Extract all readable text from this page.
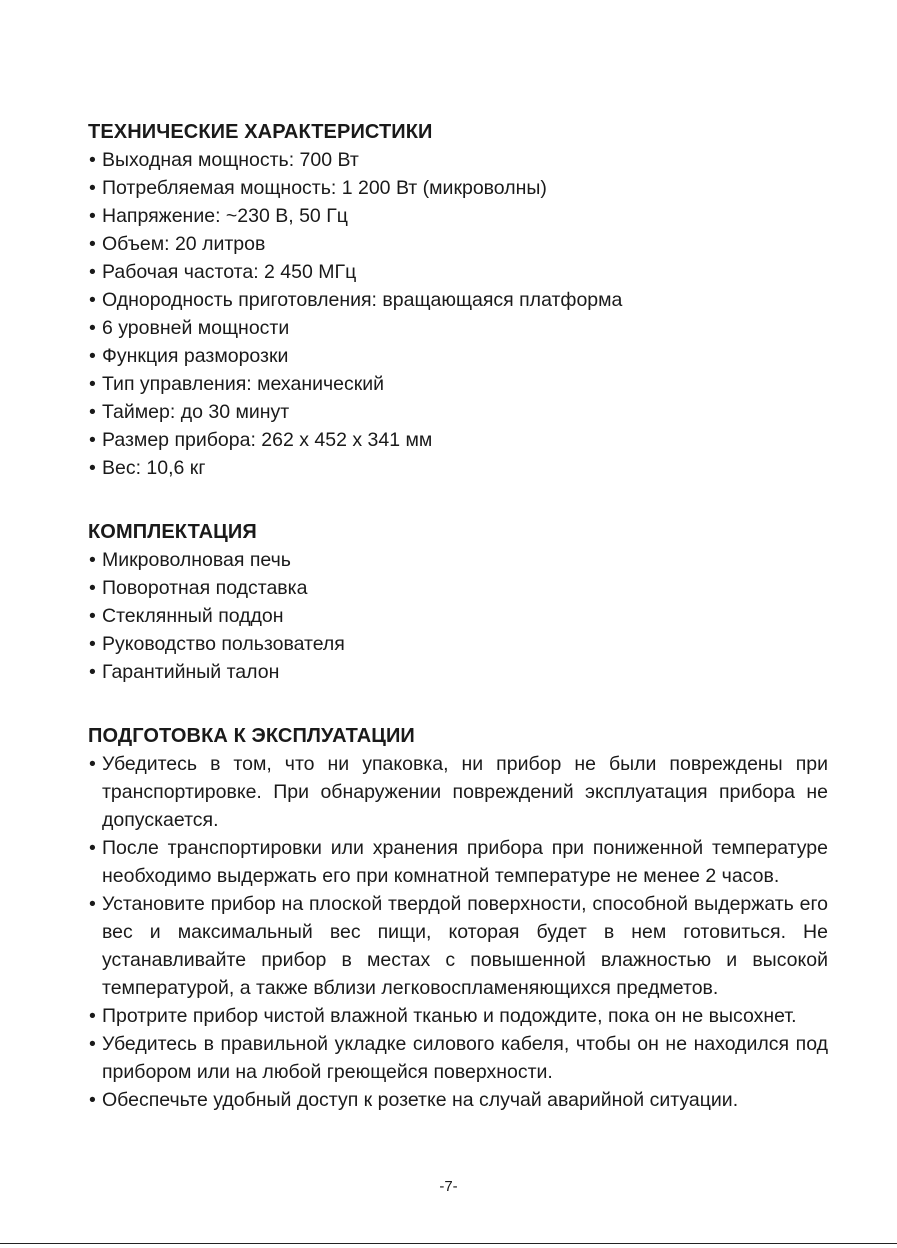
ТЕХНИЧЕСКИЕ ХАРАКТЕРИСТИКИ
• Выходная мощность: 700 Вт
• Потребляемая мощность: 1 200 Вт (микроволны)
• Напряжение: ~230 В, 50 Гц
• Объем: 20 литров
• Рабочая частота: 2 450 МГц
• Однородность приготовления: вращающаяся платформа
• 6 уровней мощности
• Функция разморозки
• Тип управления: механический
• Таймер: до 30 минут
• Размер прибора: 262 х 452 х 341 мм
• Вес: 10,6 кг
КОМПЛЕКТАЦИЯ
• Микроволновая печь
• Поворотная подставка
• Стеклянный поддон
• Руководство пользователя
• Гарантийный талон
ПОДГОТОВКА К ЭКСПЛУАТАЦИИ
• Убедитесь в том, что ни упаковка, ни прибор не были повреждены при транспортировке. При обнаружении повреждений эксплуатация прибора не допускается.
• После транспортировки или хранения прибора при пониженной температуре необходимо выдержать его при комнатной температуре не менее 2 часов.
• Установите прибор на плоской твердой поверхности, способной выдержать его вес и максимальный вес пищи, которая будет в нем готовиться. Не устанавливайте прибор в местах с повышенной влажностью и высокой температурой, а также вблизи легковоспламеняющихся предметов.
• Протрите прибор чистой влажной тканью и подождите, пока он не высохнет.
• Убедитесь в правильной укладке силового кабеля, чтобы он не находился под прибором или на любой греющейся поверхности.
• Обеспечьте удобный доступ к розетке на случай аварийной ситуации.
-7-
